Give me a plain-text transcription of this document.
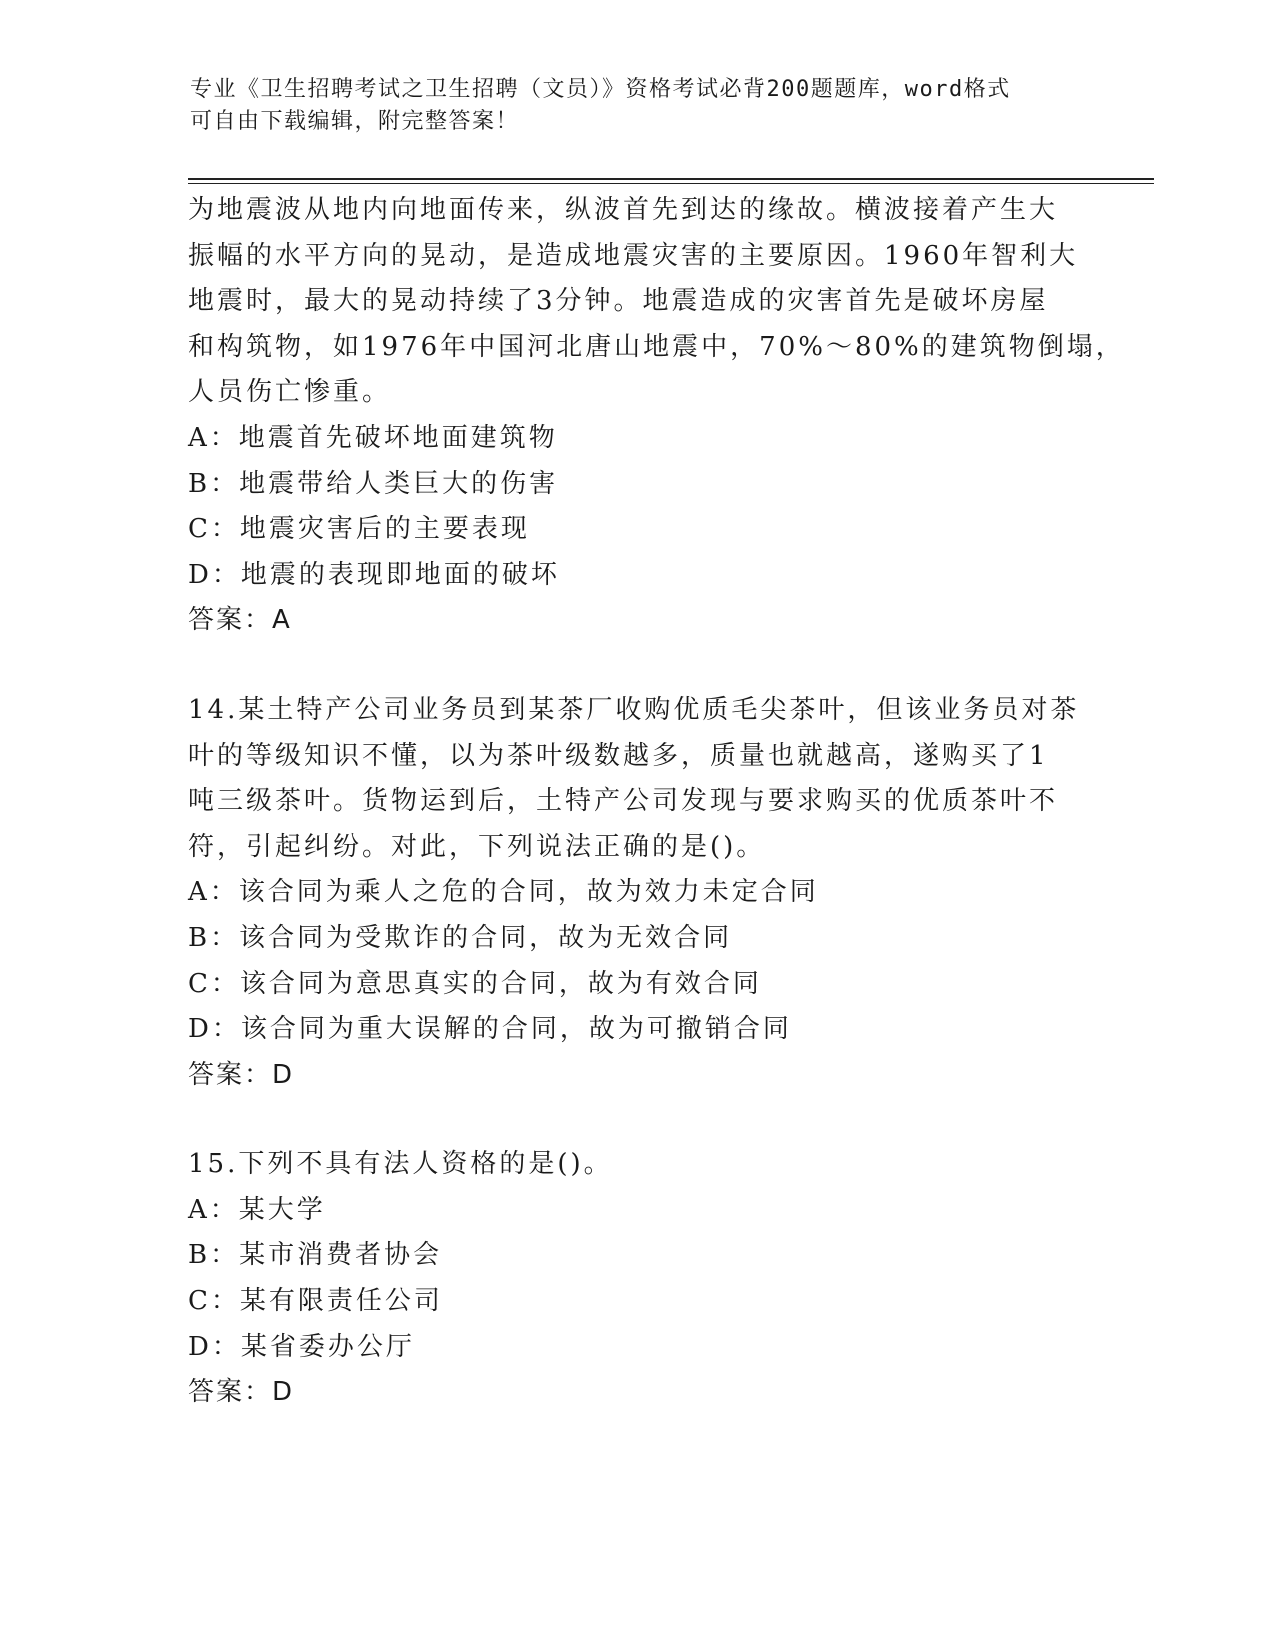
专业《卫生招聘考试之卫生招聘（文员）》资格考试必背200题题库，word格式
可自由下载编辑，附完整答案！
为地震波从地内向地面传来，纵波首先到达的缘故。横波接着产生大
振幅的水平方向的晃动，是造成地震灾害的主要原因。1960年智利大
地震时，最大的晃动持续了3分钟。地震造成的灾害首先是破坏房屋
和构筑物，如1976年中国河北唐山地震中，70%～80%的建筑物倒塌，
人员伤亡惨重。
A：地震首先破坏地面建筑物
B：地震带给人类巨大的伤害
C：地震灾害后的主要表现
D：地震的表现即地面的破坏
答案：A
14.某土特产公司业务员到某茶厂收购优质毛尖茶叶，但该业务员对茶
叶的等级知识不懂，以为茶叶级数越多，质量也就越高，遂购买了1
吨三级茶叶。货物运到后，土特产公司发现与要求购买的优质茶叶不
符，引起纠纷。对此，下列说法正确的是()。
A：该合同为乘人之危的合同，故为效力未定合同
B：该合同为受欺诈的合同，故为无效合同
C：该合同为意思真实的合同，故为有效合同
D：该合同为重大误解的合同，故为可撤销合同
答案：D
15.下列不具有法人资格的是()。
A：某大学
B：某市消费者协会
C：某有限责任公司
D：某省委办公厅
答案：D
